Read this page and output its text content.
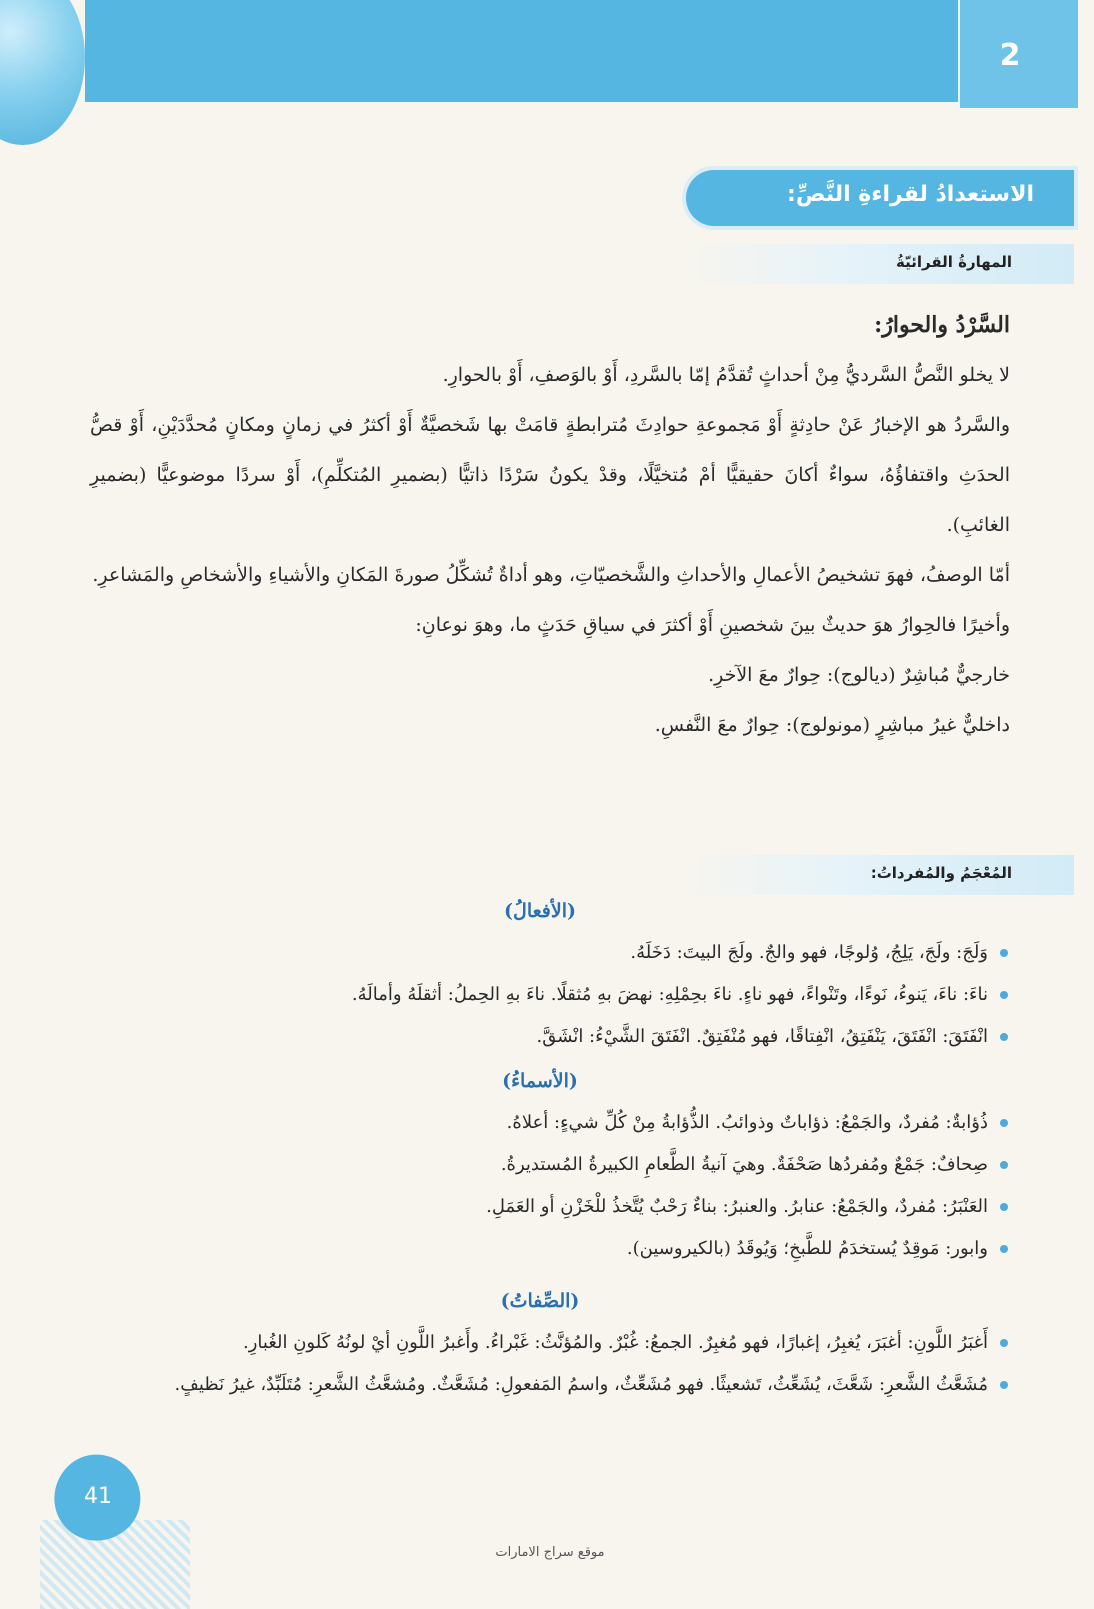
2
الاستعدادُ لقراءةِ النَّصِّ:
المهارةُ القرائيّةُ
السَّرْدُ والحوارُ:

لا يخلو النَّصُّ السَّرديُّ مِنْ أحداثٍ تُقدَّمُ إمّا بالسَّردِ، أَوْ بالوَصفِ، أَوْ بالحوارِ.

والسَّردُ هو الإخبارُ عَنْ حادِثةٍ أَوْ مَجموعةِ حوادِثَ مُترابطةٍ قامَتْ بها شَخصيَّةٌ أَوْ أكثرُ في زمانٍ ومكانٍ مُحدَّدَيْنِ، أَوْ قصُّ الحدَثِ واقتفاؤُهُ، سواءٌ أكانَ حقيقيًّا أمْ مُتخيَّلًا، وقدْ يكونُ سَرْدًا ذاتيًّا (بضميرِ المُتكلِّمِ)، أَوْ سردًا موضوعيًّا (بضميرِ الغائبِ).

أمّا الوصفُ، فهوَ تشخيصُ الأعمالِ والأحداثِ والشَّخصيّاتِ، وهو أداةٌ تُشكِّلُ صورةَ المَكانِ والأشياءِ والأشخاصِ والمَشاعرِ.

وأخيرًا فالحِوارُ هوَ حديثٌ بينَ شخصينِ أَوْ أكثرَ في سياقِ حَدَثٍ ما، وهوَ نوعانِ:

خارجيٌّ مُباشِرٌ (ديالوج): حِوارٌ معَ الآخرِ.

داخليٌّ غيرُ مباشِرٍ (مونولوج): حِوارٌ معَ النَّفسِ.

المُعْجَمُ والمُفرداتُ:
(الأفعالُ)
وَلَجَ: ولَجَ، يَلِجُ، وُلوجًا، فهو والجٌ. ولَجَ البيتَ: دَخَلَهُ.
ناءَ: ناءَ، يَنوءُ، نَوءًا، وتَنْواءً، فهو ناءٍ. ناءَ بحِمْلِهِ: نهضَ بهِ مُثقلًا. ناءَ بهِ الحِملُ: أثقلَهُ وأمالَهُ.
انْفَتَقَ: انْفَتَقَ، يَنْفَتِقُ، انْفِتاقًا، فهو مُنْفَتِقٌ. انْفَتَقَ الشَّيْءُ: انْشَقَّ.
(الأسماءُ)
ذُؤابةٌ: مُفردٌ، والجَمْعُ: ذؤاباتٌ وذوائبُ. الذُّؤابةُ مِنْ كُلِّ شيءٍ: أعلاهُ.
صِحافٌ: جَمْعٌ ومُفردُها صَحْفَةٌ. وهيَ آنيةُ الطَّعامِ الكبيرةُ المُستديرةُ.
العَنْبَرُ: مُفردٌ، والجَمْعُ: عنابرُ. والعنبرُ: بناءٌ رَحْبٌ يُتَّخذُ للْخَزْنِ أو العَمَلِ.
وابور: مَوقِدٌ يُستخدَمُ للطَّبخِ؛ وَيُوقَدُ (بالكيروسين).
(الصِّفاتُ)
أَغبَرُ اللَّونِ: أغبَرَ، يُغبِرُ، إغبارًا، فهو مُغبِرٌ. الجمعُ: غُبْرٌ. والمُؤنَّثُ: غَبْراءُ. وأَغبرُ اللَّونِ أيْ لونُهُ كَلونِ الغُبارِ.
مُشَعَّثُ الشَّعرِ: شَعَّثَ، يُشَعِّثُ، تَشعيثًا. فهو مُشَعِّثٌ، واسمُ المَفعولِ: مُشَعَّثٌ. ومُشعَّثُ الشَّعرِ: مُتَلَبِّدٌ، غيرُ نَظيفٍ.
41
موقع سراج الامارات
